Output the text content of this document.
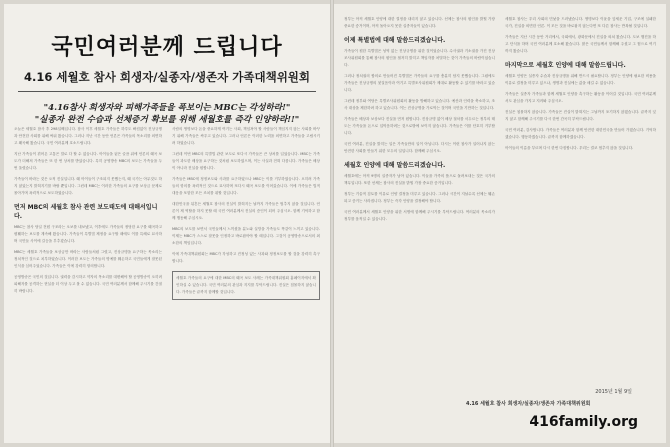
국민여러분께 드립니다
4.16 세월호 참사 희생자/실종자/생존자 가족대책위원회
"4.16참사 희생자와 피해가족들을 폭보이는 MBC는 각성하라!"
"실종자 완전 수습과 선체증거 확보를 위해 세월호를 즉각 인양하라!!"
오늘은 세월호 참사 후 298일째입니다. 참사 이후 세월호 가족들은 하루도 빠짐없이 진상규명과 안전한 사회를 위해 싸워 왔습니다. 그러나 지난 시간 동안 언론은 가족들의 목소리를 외면하고 왜곡해 왔습니다. 국민 여러분께 호소드립니다.
지난 가족들이 겪어온 고통은 말로 다 할 수 없습니다. 아이들을 잃은 슬픔 위에 언론의 왜곡 보도가 더해져 가족들은 또 한 번 상처를 받았습니다. 특히 공영방송 MBC의 보도는 가족들을 두 번 울렸습니다.
가족들이 바라는 것은 오직 진실입니다. 왜 아이들이 구조되지 못했는지, 왜 국가는 아무것도 하지 않았는지 밝혀지기를 바랄 뿐입니다. 그런데 MBC는 이러한 가족들의 요구를 보상금 문제로 몰아가며 폭력적으로 보도하였습니다.
먼저 MBC의 세월호 참사 관련 보도태도에 대해서입니다.
MBC는 참사 당일 전원 구조라는 오보를 내보냈고, 이후에도 가족들의 정당한 요구를 왜곡하고 폄훼하는 보도를 계속해 왔습니다. 가족들이 특별법 제정을 요구할 때에도 이를 특혜로 묘사하며 국민들 사이에 갈등을 부추겼습니다.
MBC는 세월호 가족들을 보상금만 바라는 사람들처럼 그렸고, 진상규명을 요구하는 목소리는 정치적인 것으로 치부하였습니다. 이러한 보도는 가족들의 명예를 훼손하고 국민들에게 잘못된 인식을 심어주었습니다. 가족들은 이에 강력히 항의합니다.
공영방송은 국민의 것입니다. 권력을 감시하고 약자의 목소리를 대변해야 할 공영방송이 오히려 피해자를 공격하는 현실을 더 이상 두고 볼 수 없습니다. 국민 여러분께서 함께해 주시기를 간절히 바랍니다.
사람의 생명보다 돈을 중요하게 여기는 사회, 책임져야 할 사람들이 책임지지 않는 사회를 바꾸기 위해 가족들은 싸우고 있습니다. 그러나 언론은 이러한 노력을 외면하고 가족들을 고립시키려 하였습니다.
그런데 이번 MBC의 특별법 관련 보도로 또다시 가족들은 큰 상처를 입었습니다. MBC는 가족들이 과도한 배상을 요구하는 것처럼 보도하였으며, 이는 사실과 전혀 다릅니다. 가족들은 배상이 아니라 진실을 원합니다.
가족들은 MBC에 정정보도와 사과를 요구하였으나 MBC는 이를 거부하였습니다. 오히려 가족들의 항의를 폭력적인 것으로 묘사하며 또다시 왜곡 보도를 이어갔습니다. 이에 가족들은 법적 대응을 포함한 모든 조치를 취할 것입니다.
대한민국을 뒤흔든 세월호 참사의 진실이 밝혀지는 날까지 가족들은 멈추지 않을 것입니다. 언론이 제 역할을 하지 못할 때 국민 여러분께서 진실의 증인이 되어 주십시오. 함께 기억하고 함께 행동해 주십시오.
MBC의 보도를 보면서 국민들께서 느끼셨을 분노와 실망을 가족들도 똑같이 느끼고 있습니다. 이제는 MBC가 스스로 잘못을 인정하고 바로잡아야 할 때입니다. 그것이 공영방송으로서의 최소한의 책임입니다.
이에 가족대책위원회는 MBC가 각성하고 진정성 있는 사과와 정정보도를 할 것을 강력히 촉구합니다.
세월호 가족들의 요구에 대한 MBC의 왜곡 보도 사례는 가족대책위원회 홈페이지에서 확인하실 수 있습니다. 국민 여러분의 관심과 지지를 부탁드립니다. 진실은 침몰하지 않습니다. 가족들은 끝까지 함께할 것입니다.
정부는 아직 세월호 인양에 대한 결정을 내리지 않고 있습니다. 선체는 참사의 원인을 밝힐 가장 중요한 증거이며, 아직 돌아오지 못한 실종자들이 있습니다.
이제 특별법에 대해 말씀드리겠습니다.
가족들이 원한 특별법은 성역 없는 진상규명을 위한 것이었습니다. 수사권과 기소권을 가진 진상조사위원회를 통해 참사의 원인을 철저히 밝히고 책임자를 처벌하는 것이 가족들의 바람이었습니다.
그러나 정치권의 합의로 만들어진 특별법은 가족들의 요구를 충분히 담지 못했습니다. 그럼에도 가족들은 진상규명의 첫걸음이라 여기고 특별조사위원회가 제대로 활동할 수 있기를 바라고 있습니다.
그런데 정부와 여당은 특별조사위원회의 활동을 방해하고 있습니다. 예산과 인력을 축소하고, 조사 대상을 제한하려 하고 있습니다. 이는 진상규명을 가로막는 것이며 국민을 기만하는 것입니다.
가족들은 배상과 보상보다 진실을 먼저 원합니다. 진상규명 없이 배상 절차를 서두르는 정부의 태도는 가족들을 돈으로 입막음하려는 것으로밖에 보이지 않습니다. 가족들은 이를 단호히 거부합니다.
국민 여러분, 진실을 밝히는 일은 가족들만의 일이 아닙니다. 다시는 이런 참사가 일어나지 않는 안전한 사회를 만들기 위한 모두의 일입니다. 함께해 주십시오.
세월호 인양에 대해 말씀드리겠습니다.
세월호에는 아직 9명의 실종자가 남아 있습니다. 이들을 가족의 품으로 돌려보내는 것은 국가의 책무입니다. 또한 선체는 참사의 진실을 밝힐 가장 중요한 증거입니다.
정부는 기술적 검토를 이유로 인양 결정을 미루고 있습니다. 그러나 시간이 지날수록 선체는 훼손되고 증거는 사라집니다. 정부는 즉각 인양을 결정해야 합니다.
국민 여러분께서 세월호 인양을 위한 서명에 함께해 주시기를 부탁드립니다. 여러분의 목소리가 정부를 움직일 수 있습니다.
세월호 참사는 우리 사회의 민낯을 드러냈습니다. 생명보다 이윤을 앞세운 기업, 구조에 실패한 국가, 진실을 외면한 언론. 이 모든 것을 바로잡지 않는다면 또 다른 참사는 반복될 것입니다.
가족들은 지난 시간 동안 거리에서, 국회에서, 광화문에서 진실을 외쳐 왔습니다. 도보 행진을 하고 단식을 하며 국민 여러분께 호소해 왔습니다. 많은 국민들께서 함께해 주셨고 그 힘으로 여기까지 왔습니다.
마지막으로 세월호 인양에 대해 말씀드립니다.
세월호 인양은 실종자 수습과 진상규명을 위해 반드시 필요합니다. 정부는 인양에 필요한 비용을 이유로 결정을 미루고 있으나, 생명과 진실에는 값을 매길 수 없습니다.
가족들은 실종자 가족들과 함께 세월호 인양을 촉구하는 활동을 이어갈 것입니다. 국민 여러분께서도 관심을 가지고 지켜봐 주십시오.
진실은 침몰하지 않습니다. 가족들은 진실이 밝혀지는 그날까지 포기하지 않겠습니다. 끝까지 잊지 않고 함께해 주시기를 다시 한번 간곡히 부탁드립니다.
국민 여러분, 감사합니다. 가족들은 여러분과 함께 안전한 대한민국을 만들어 가겠습니다. 기억하겠습니다. 행동하겠습니다. 끝까지 함께하겠습니다.
아이들의 이름을 부르며 다시 한번 다짐합니다. 우리는 결코 멈추지 않을 것입니다.
2015년 1월 9일
4.16 세월호 참사 희생자/실종자/생존자 가족대책위원회
416family.org
